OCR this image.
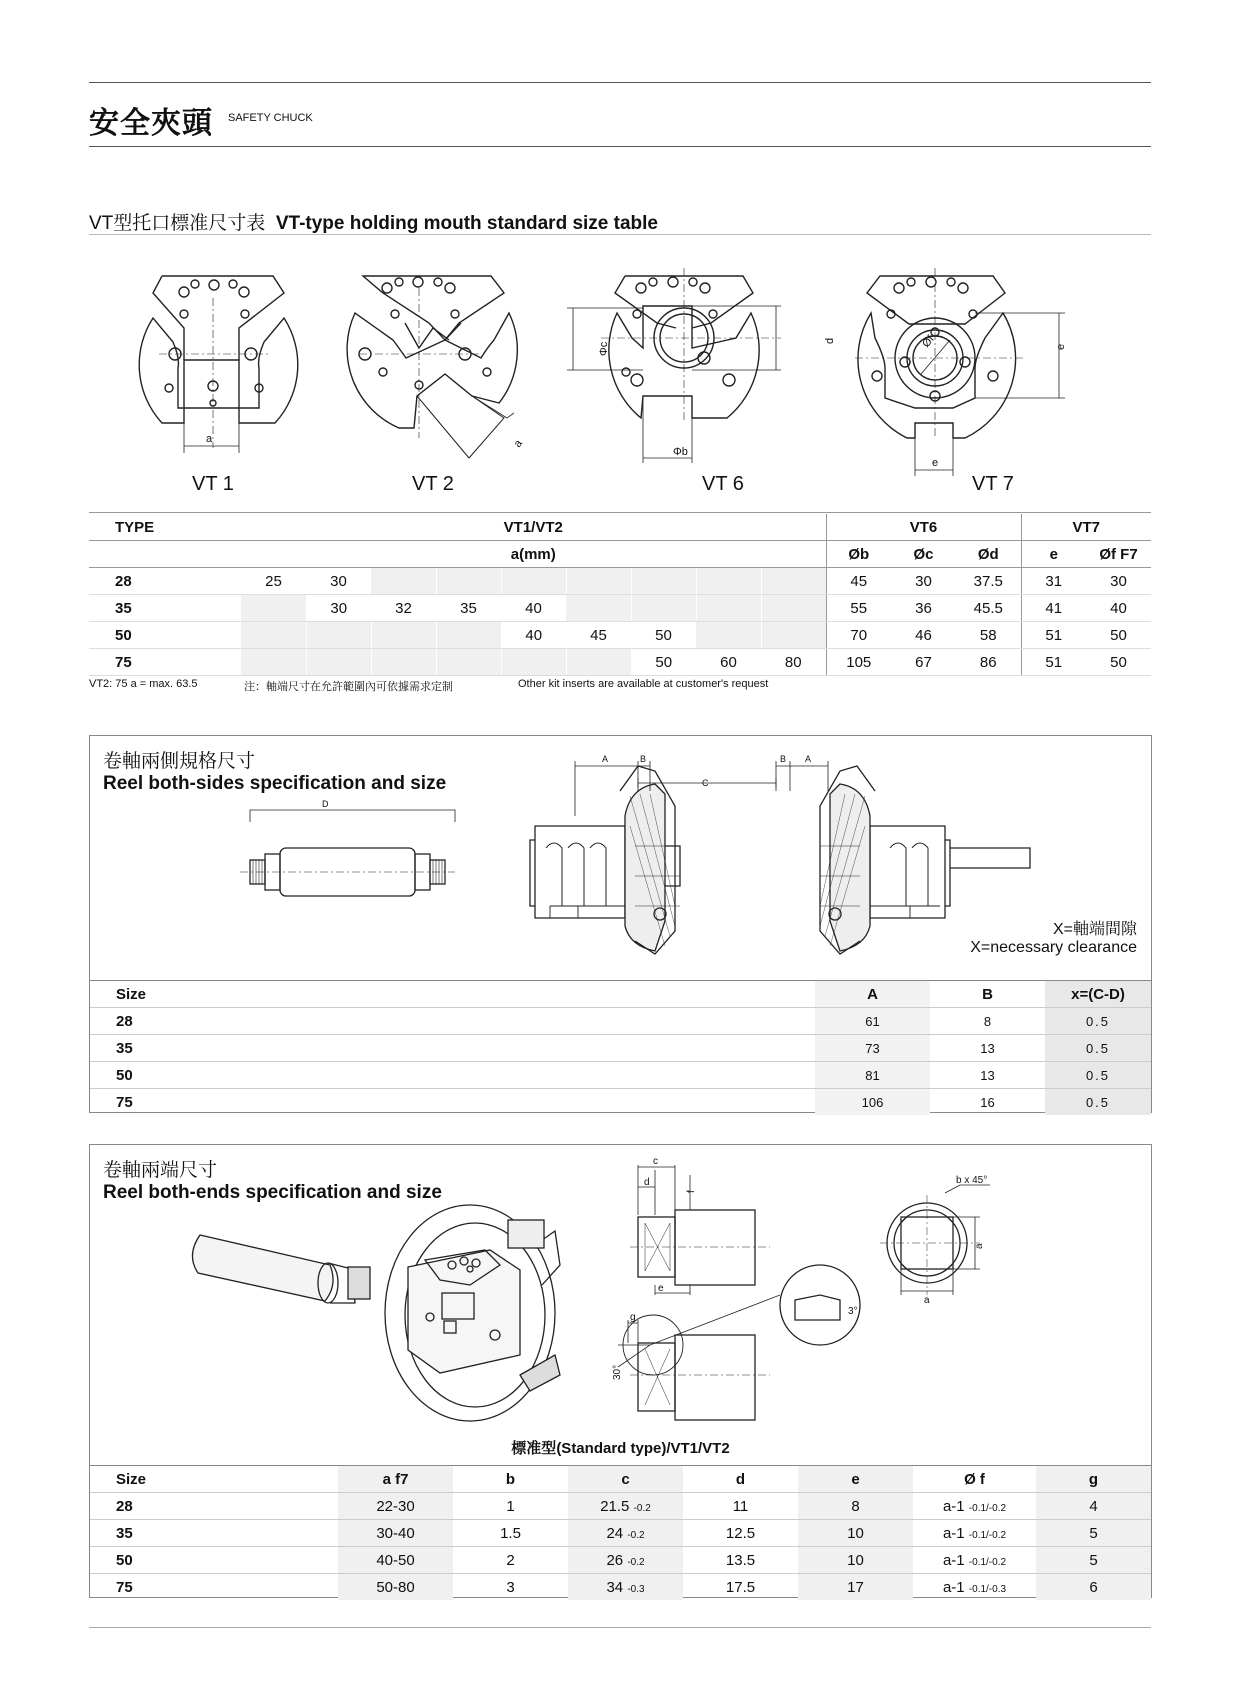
安全夾頭 SAFETY CHUCK
VT型托口標准尺寸表 VT-type holding mouth standard size table
a	a
Φc
d
Φb
Øf	e
e
VT 1	VT 2	VT 6	VT 7
TYPE	VT1/VT2									VT6			VT7	
	a(mm)									Øb	Øc	Ød	e	Øf F7
28	25	30								45	30	37.5	31	30
35		30	32	35	40					55	36	45.5	41	40
50					40	45	50			70	46	58	51	50
75							50	60	80	105	67	86	51	50
VT2: 75 a = max. 63.5	注：軸端尺寸在允許範圍內可依據需求定制	Other kit inserts are available at customer's request
卷軸兩側規格尺寸
Reel both-sides specification and size
D
A	B
C
B A
X=軸端間隙
X=necessary clearance
Size	A	B	x=(C-D)
28	61	8	0.5
35	73	13	0.5
50	81	13	0.5
75	106	16	0.5
卷軸兩端尺寸
Reel both-ends specification and size
c
d
f
e
b x 45°
a
a
3°
g
30°
標准型(Standard type)/VT1/VT2
Size	a f7	b	c	d	e	Ø f	g
28	22-30	1	21.5 -0.2	11	8	a-1 -0.1/-0.2	4
35	30-40	1.5	24 -0.2	12.5	10	a-1 -0.1/-0.2	5
50	40-50	2	26 -0.2	13.5	10	a-1 -0.1/-0.2	5
75	50-80	3	34 -0.3	17.5	17	a-1 -0.1/-0.3	6
